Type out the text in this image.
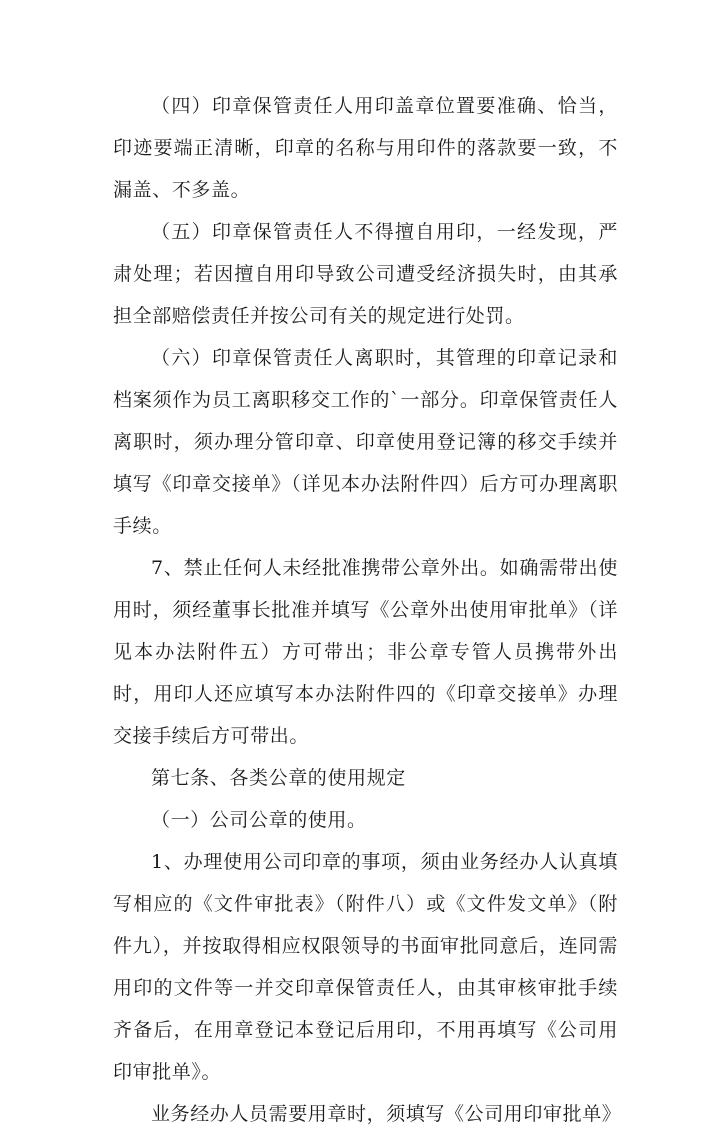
（四）印章保管责任人用印盖章位置要准确、恰当，印迹要端正清晰，印章的名称与用印件的落款要一致，不漏盖、不多盖。

（五）印章保管责任人不得擅自用印，一经发现，严肃处理；若因擅自用印导致公司遭受经济损失时，由其承担全部赔偿责任并按公司有关的规定进行处罚。

（六）印章保管责任人离职时，其管理的印章记录和档案须作为员工离职移交工作的`一部分。印章保管责任人离职时，须办理分管印章、印章使用登记簿的移交手续并填写《印章交接单》（详见本办法附件四）后方可办理离职手续。

7、禁止任何人未经批准携带公章外出。如确需带出使用时，须经董事长批准并填写《公章外出使用审批单》（详见本办法附件五）方可带出；非公章专管人员携带外出时，用印人还应填写本办法附件四的《印章交接单》办理交接手续后方可带出。

第七条、各类公章的使用规定

（一）公司公章的使用。

1、办理使用公司印章的事项，须由业务经办人认真填写相应的《文件审批表》（附件八）或《文件发文单》（附件九），并按取得相应权限领导的书面审批同意后，连同需用印的文件等一并交印章保管责任人，由其审核审批手续齐备后，在用章登记本登记后用印，不用再填写《公司用印审批单》。

业务经办人员需要用章时，须填写《公司用印审批单》
